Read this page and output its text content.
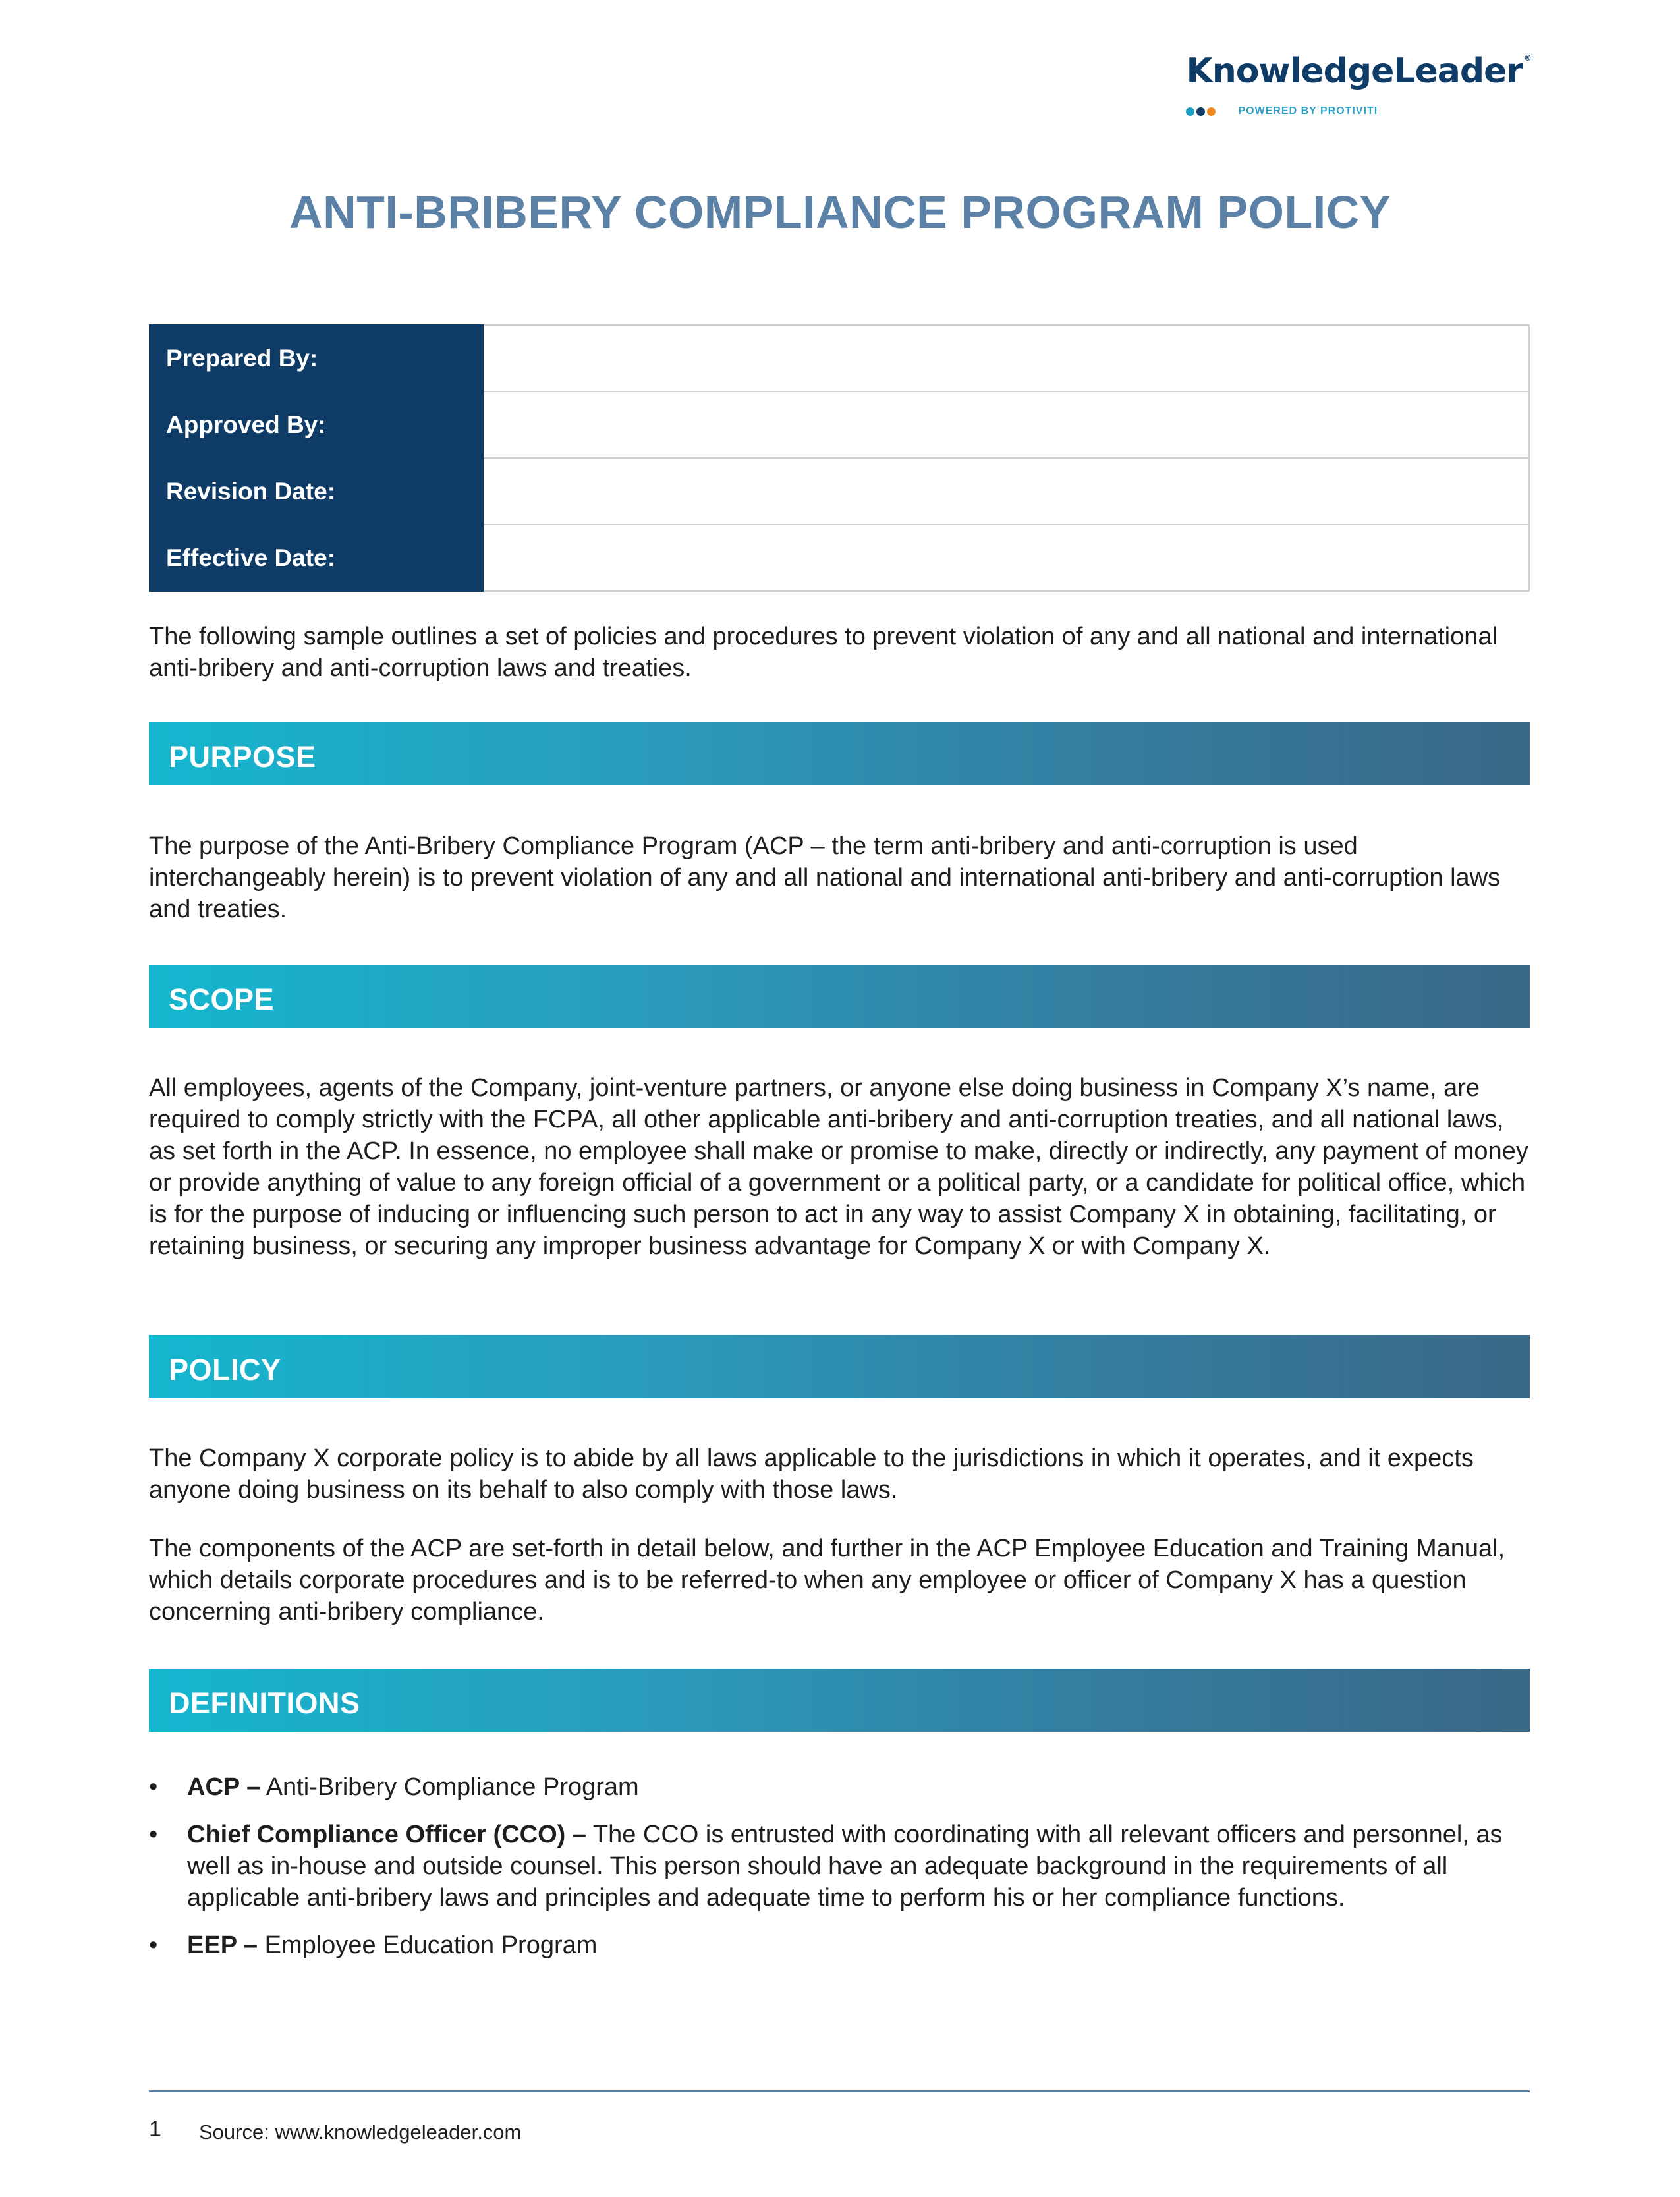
KnowledgeLeader ®
POWERED BY PROTIVITI
ANTI-BRIBERY COMPLIANCE PROGRAM POLICY
Prepared By:	
Approved By:	
Revision Date:	
Effective Date:	

The following sample outlines a set of policies and procedures to prevent violation of any and all national and international anti-bribery and anti-corruption laws and treaties.

PURPOSE

The purpose of the Anti-Bribery Compliance Program (ACP – the term anti-bribery and anti-corruption is used interchangeably herein) is to prevent violation of any and all national and international anti-bribery and anti-corruption laws and treaties.

SCOPE

All employees, agents of the Company, joint-venture partners, or anyone else doing business in Company X’s name, are required to comply strictly with the FCPA, all other applicable anti-bribery and anti-corruption treaties, and all national laws, as set forth in the ACP. In essence, no employee shall make or promise to make, directly or indirectly, any payment of money or provide anything of value to any foreign official of a government or a political party, or a candidate for political office, which is for the purpose of inducing or influencing such person to act in any way to assist Company X in obtaining, facilitating, or retaining business, or securing any improper business advantage for Company X or with Company X.

POLICY

The Company X corporate policy is to abide by all laws applicable to the jurisdictions in which it operates, and it expects anyone doing business on its behalf to also comply with those laws.

The components of the ACP are set-forth in detail below, and further in the ACP Employee Education and Training Manual, which details corporate procedures and is to be referred-to when any employee or officer of Company X has a question concerning anti-bribery compliance.

DEFINITIONS
• ACP – Anti-Bribery Compliance Program
• Chief Compliance Officer (CCO) – The CCO is entrusted with coordinating with all relevant officers and personnel, as well as in-house and outside counsel. This person should have an adequate background in the requirements of all applicable anti-bribery laws and principles and adequate time to perform his or her compliance functions.
• EEP – Employee Education Program
1 Source: www.knowledgeleader.com
